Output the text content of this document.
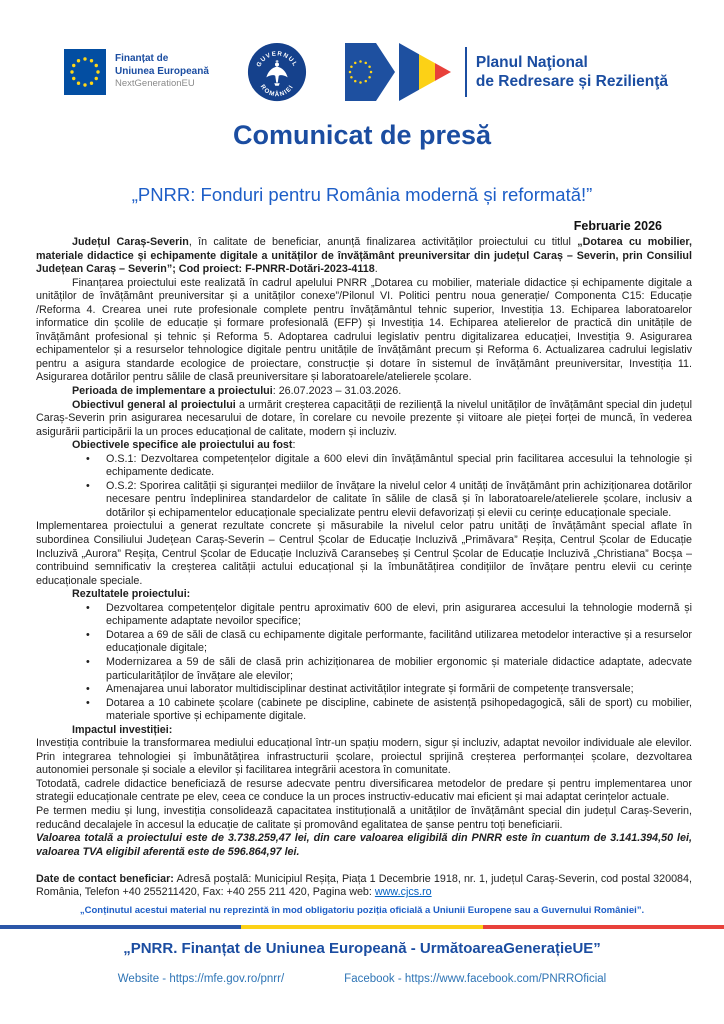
Finanțat de
Uniunea Europeană
NextGenerationEU
GUVERNUL
ROMÂNIEI
Planul Naţional
de Redresare și Rezilienţă
Comunicat de presă
„PNRR: Fonduri pentru România modernă și reformată!”
Februarie 2026
Județul Caraș-Severin, în calitate de beneficiar, anunță finalizarea activităților proiectului cu titlul „Dotarea cu mobilier, materiale didactice și echipamente digitale a unităților de învățământ preuniversitar din județul Caraș – Severin, prin Consiliul Județean Caraș – Severin”; Cod proiect: F-PNRR-Dotări-2023-4118.
Finanțarea proiectului este realizată în cadrul apelului PNRR „Dotarea cu mobilier, materiale didactice și echipamente digitale a unităților de învățământ preuniversitar și a unităților conexe”/Pilonul VI. Politici pentru noua generație/ Componenta C15: Educație /Reforma 4. Crearea unei rute profesionale complete pentru învățământul tehnic superior, Investiția 13. Echiparea laboratoarelor informatice din școlile de educație și formare profesională (EFP) și Investiția 14. Echiparea atelierelor de practică din unitățile de învățământ profesional și tehnic și Reforma 5. Adoptarea cadrului legislativ pentru digitalizarea educației, Investiția 9. Asigurarea echipamentelor și a resurselor tehnologice digitale pentru unitățile de învățământ precum și Reforma 6. Actualizarea cadrului legislativ pentru a asigura standarde ecologice de proiectare, construcție și dotare în sistemul de învățământ preuniversitar, Investiția 11. Asigurarea dotărilor pentru sălile de clasă preuniversitare și laboratoarele/atelierele școlare.
Perioada de implementare a proiectului: 26.07.2023 – 31.03.2026.
Obiectivul general al proiectului a urmărit creșterea capacității de reziliență la nivelul unităților de învățământ special din județul Caraș-Severin prin asigurarea necesarului de dotare, în corelare cu nevoile prezente și viitoare ale pieței forței de muncă, în vederea asigurării participării la un proces educațional de calitate, modern și incluziv.
Obiectivele specifice ale proiectului au fost:
•	O.S.1: Dezvoltarea competențelor digitale a 600 elevi din învățământul special prin facilitarea accesului la tehnologie și echipamente dedicate.
•	O.S.2: Sporirea calității și siguranței mediilor de învățare la nivelul celor 4 unități de învățământ prin achiziționarea dotărilor necesare pentru îndeplinirea standardelor de calitate în sălile de clasă și în laboratoarele/atelierele școlare, inclusiv a dotărilor și echipamentelor educaționale specializate pentru elevii defavorizați și elevii cu cerințe educaționale speciale.
Implementarea proiectului a generat rezultate concrete și măsurabile la nivelul celor patru unități de învățământ special aflate în subordinea Consiliului Județean Caraș-Severin – Centrul Școlar de Educație Incluzivă „Primăvara” Reșița, Centrul Școlar de Educație Incluzivă „Aurora” Reșița, Centrul Școlar de Educație Incluzivă Caransebeș și Centrul Școlar de Educație Incluzivă „Christiana” Bocșa – contribuind semnificativ la creșterea calității actului educațional și la îmbunătățirea condițiilor de învățare pentru elevii cu cerințe educaționale speciale.
Rezultatele proiectului:
•	Dezvoltarea competențelor digitale pentru aproximativ 600 de elevi, prin asigurarea accesului la tehnologie modernă și echipamente adaptate nevoilor specifice;
•	Dotarea a 69 de săli de clasă cu echipamente digitale performante, facilitând utilizarea metodelor interactive și a resurselor educaționale digitale;
•	Modernizarea a 59 de săli de clasă prin achiziționarea de mobilier ergonomic și materiale didactice adaptate, adecvate particularităților de învățare ale elevilor;
•	Amenajarea unui laborator multidisciplinar destinat activităților integrate și formării de competențe transversale;
•	Dotarea a 10 cabinete școlare (cabinete pe discipline, cabinete de asistență psihopedagogică, săli de sport) cu mobilier, materiale sportive și echipamente digitale.
Impactul investiției:
Investiția contribuie la transformarea mediului educațional într-un spațiu modern, sigur și incluziv, adaptat nevoilor individuale ale elevilor. Prin integrarea tehnologiei și îmbunătățirea infrastructurii școlare, proiectul sprijină creșterea performanței școlare, dezvoltarea autonomiei personale și sociale a elevilor și facilitarea integrării acestora în comunitate.
Totodată, cadrele didactice beneficiază de resurse adecvate pentru diversificarea metodelor de predare și pentru implementarea unor strategii educaționale centrate pe elev, ceea ce conduce la un proces instructiv-educativ mai eficient și mai adaptat cerințelor actuale.
Pe termen mediu și lung, investiția consolidează capacitatea instituțională a unităților de învățământ special din județul Caraș-Severin, reducând decalajele în accesul la educație de calitate și promovând egalitatea de șanse pentru toți beneficiarii.
Valoarea totală a proiectului este de 3.738.259,47 lei, din care valoarea eligibilă din PNRR este în cuantum de 3.141.394,50 lei, valoarea TVA eligibil aferentă este de 596.864,97 lei.
Date de contact beneficiar: Adresă poștală: Municipiul Reșița, Piața 1 Decembrie 1918, nr. 1, județul Caraș-Severin, cod postal 320084, România, Telefon +40 255211420, Fax: +40 255 211 420, Pagina web: www.cjcs.ro
„Conținutul acestui material nu reprezintă în mod obligatoriu poziția oficială a Uniunii Europene sau a Guvernului României”.
„PNRR. Finanțat de Uniunea Europeană - UrmătoareaGenerațieUE”
Website - https://mfe.gov.ro/pnrr/	Facebook - https://www.facebook.com/PNRROficial
